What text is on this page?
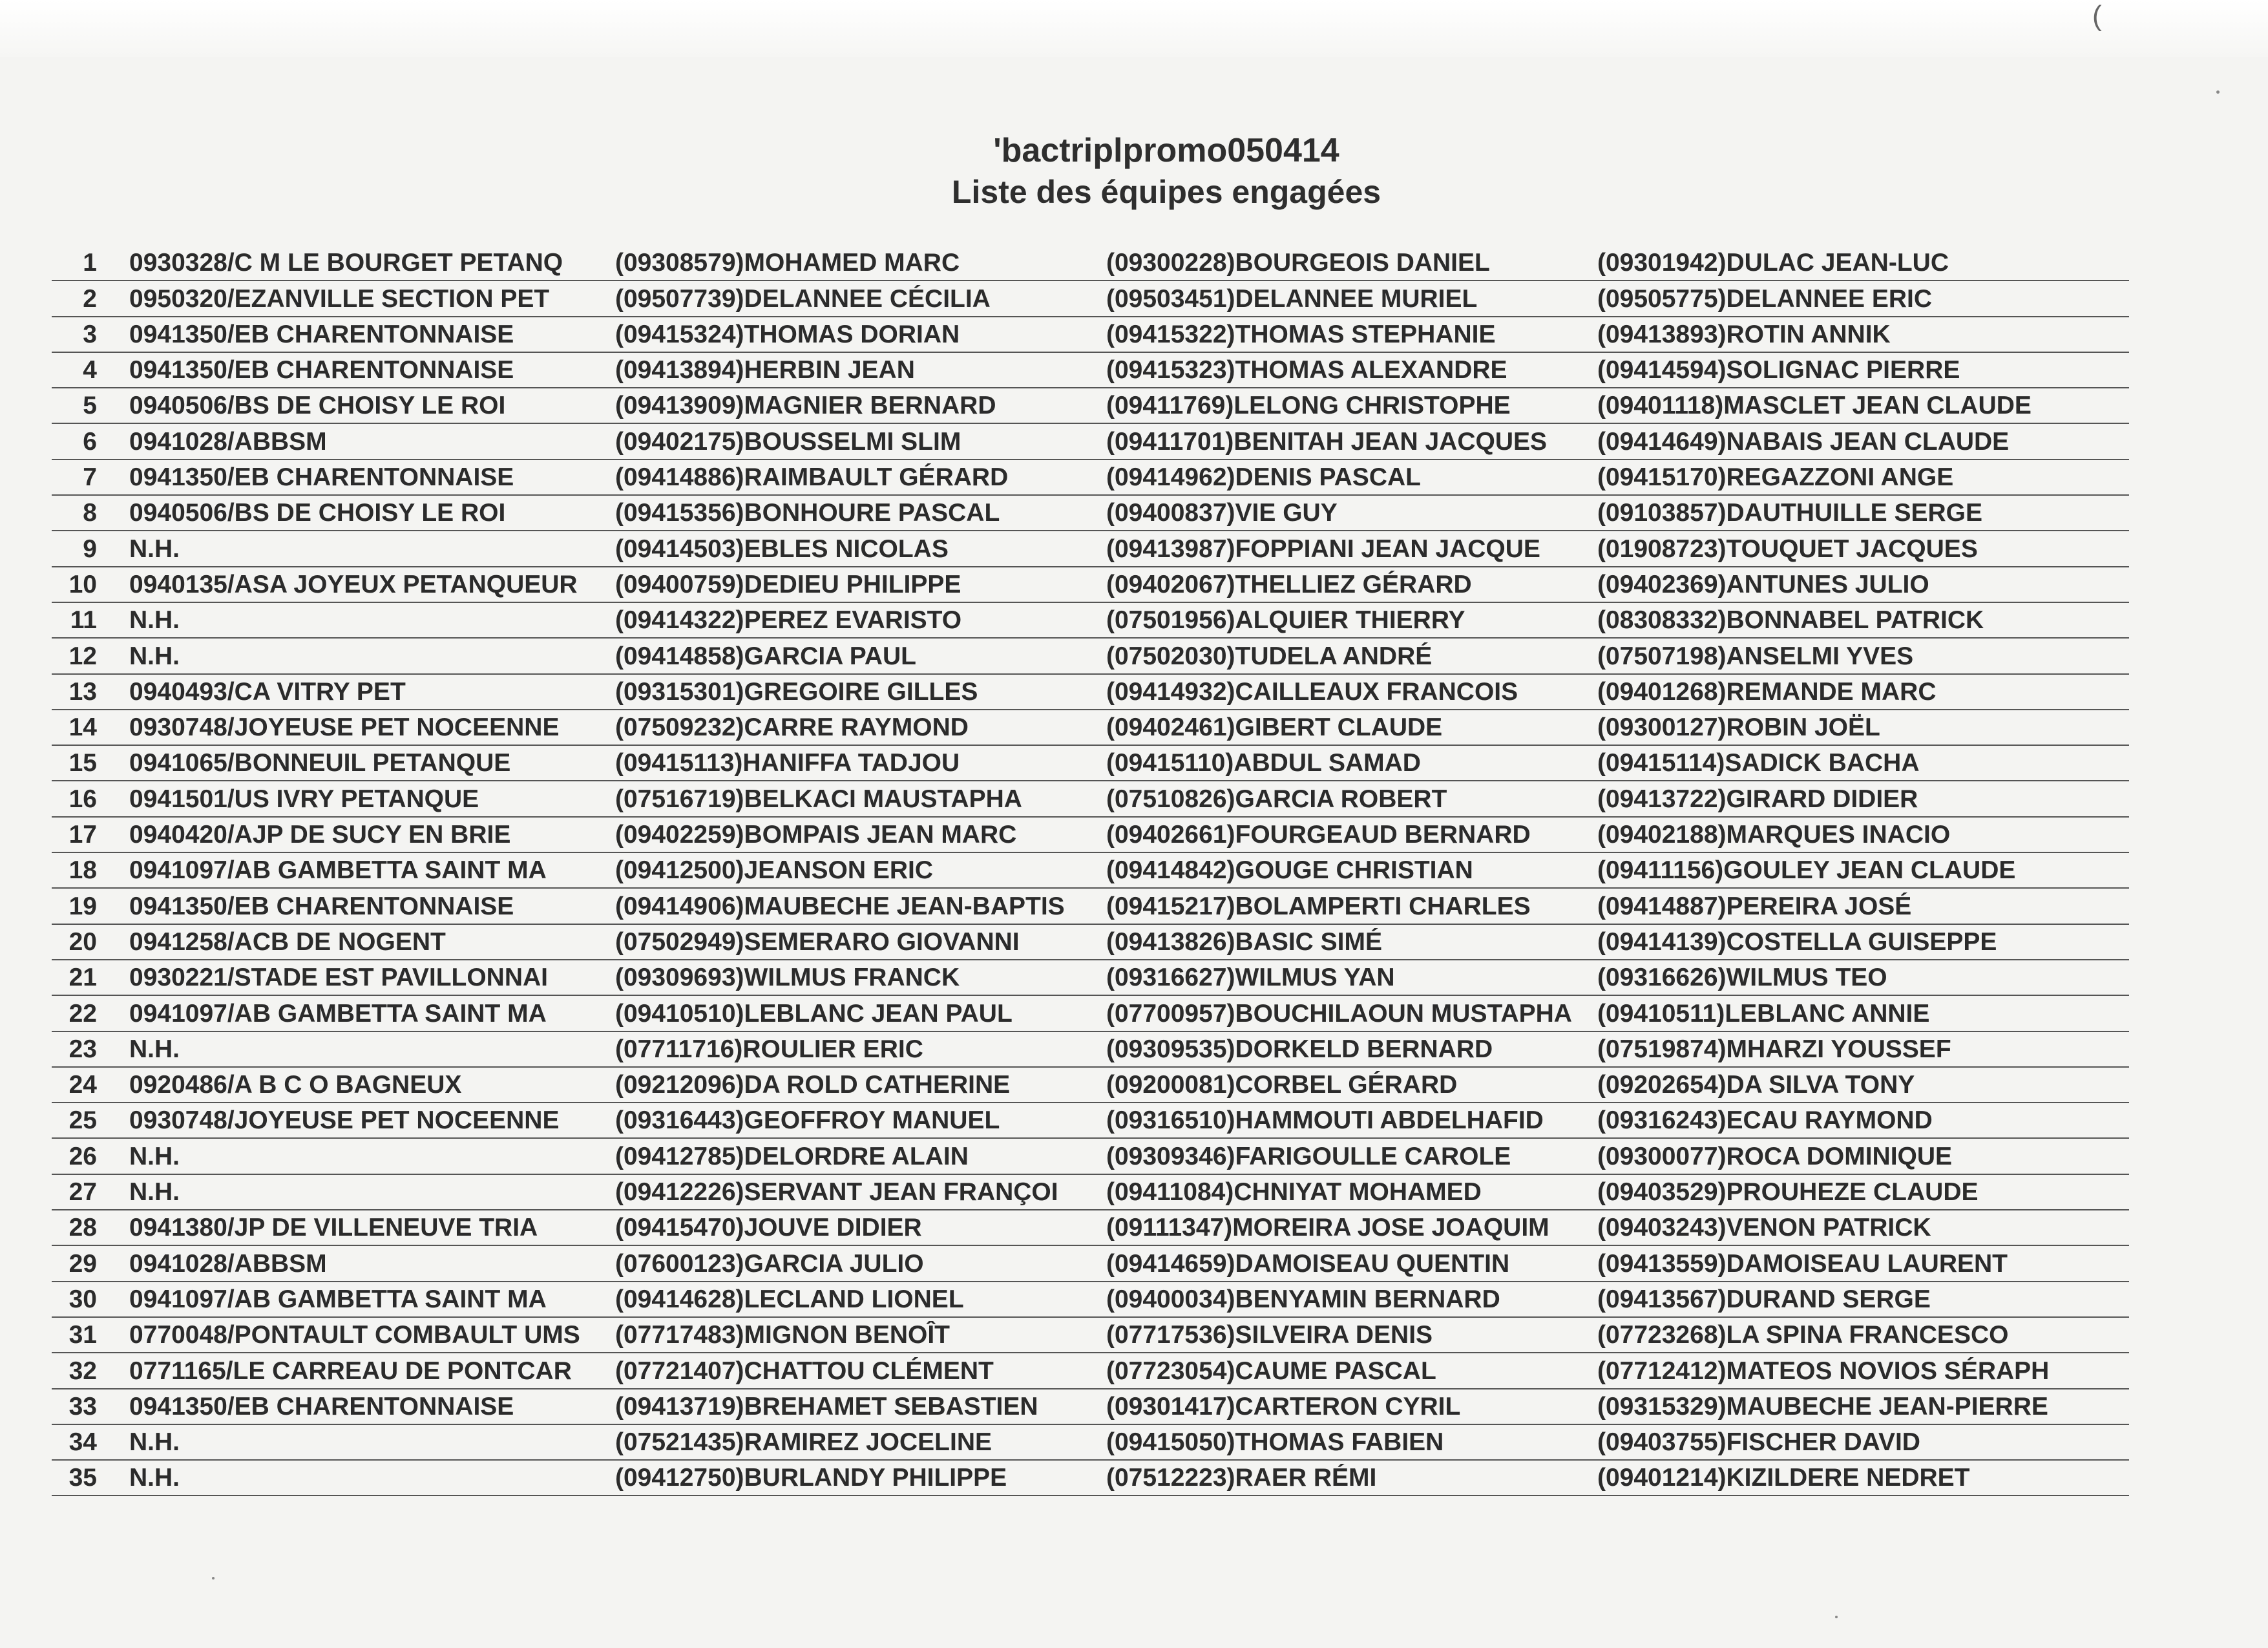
(
'bactriplpromo050414
Liste des équipes engagées
1 0930328/C M LE BOURGET PETANQ	(09308579)MOHAMED MARC	(09300228)BOURGEOIS DANIEL	(09301942)DULAC JEAN-LUC
2 0950320/EZANVILLE SECTION PET	(09507739)DELANNEE CÉCILIA	(09503451)DELANNEE MURIEL	(09505775)DELANNEE ERIC
3 0941350/EB CHARENTONNAISE	(09415324)THOMAS DORIAN	(09415322)THOMAS STEPHANIE	(09413893)ROTIN ANNIK
4 0941350/EB CHARENTONNAISE	(09413894)HERBIN JEAN	(09415323)THOMAS ALEXANDRE	(09414594)SOLIGNAC PIERRE
5 0940506/BS DE CHOISY LE ROI	(09413909)MAGNIER BERNARD	(09411769)LELONG CHRISTOPHE	(09401118)MASCLET JEAN CLAUDE
6 0941028/ABBSM	(09402175)BOUSSELMI SLIM	(09411701)BENITAH JEAN JACQUES	(09414649)NABAIS JEAN CLAUDE
7 0941350/EB CHARENTONNAISE	(09414886)RAIMBAULT GÉRARD	(09414962)DENIS PASCAL	(09415170)REGAZZONI ANGE
8 0940506/BS DE CHOISY LE ROI	(09415356)BONHOURE PASCAL	(09400837)VIE GUY	(09103857)DAUTHUILLE SERGE
9 N.H.	(09414503)EBLES NICOLAS	(09413987)FOPPIANI JEAN JACQUE	(01908723)TOUQUET JACQUES
10 0940135/ASA JOYEUX PETANQUEUR	(09400759)DEDIEU PHILIPPE	(09402067)THELLIEZ GÉRARD	(09402369)ANTUNES JULIO
11 N.H.	(09414322)PEREZ EVARISTO	(07501956)ALQUIER THIERRY	(08308332)BONNABEL PATRICK
12 N.H.	(09414858)GARCIA PAUL	(07502030)TUDELA ANDRÉ	(07507198)ANSELMI YVES
13 0940493/CA VITRY PET	(09315301)GREGOIRE GILLES	(09414932)CAILLEAUX FRANCOIS	(09401268)REMANDE MARC
14 0930748/JOYEUSE PET NOCEENNE	(07509232)CARRE RAYMOND	(09402461)GIBERT CLAUDE	(09300127)ROBIN JOËL
15 0941065/BONNEUIL PETANQUE	(09415113)HANIFFA TADJOU	(09415110)ABDUL SAMAD	(09415114)SADICK BACHA
16 0941501/US IVRY PETANQUE	(07516719)BELKACI MAUSTAPHA	(07510826)GARCIA ROBERT	(09413722)GIRARD DIDIER
17 0940420/AJP DE SUCY EN BRIE	(09402259)BOMPAIS JEAN MARC	(09402661)FOURGEAUD BERNARD	(09402188)MARQUES INACIO
18 0941097/AB GAMBETTA SAINT MA	(09412500)JEANSON ERIC	(09414842)GOUGE CHRISTIAN	(09411156)GOULEY JEAN CLAUDE
19 0941350/EB CHARENTONNAISE	(09414906)MAUBECHE JEAN-BAPTIS	(09415217)BOLAMPERTI CHARLES	(09414887)PEREIRA JOSÉ
20 0941258/ACB DE NOGENT	(07502949)SEMERARO GIOVANNI	(09413826)BASIC SIMÉ	(09414139)COSTELLA GUISEPPE
21 0930221/STADE EST PAVILLONNAI	(09309693)WILMUS FRANCK	(09316627)WILMUS YAN	(09316626)WILMUS TEO
22 0941097/AB GAMBETTA SAINT MA	(09410510)LEBLANC JEAN PAUL	(07700957)BOUCHILAOUN MUSTAPHA	(09410511)LEBLANC ANNIE
23 N.H.	(07711716)ROULIER ERIC	(09309535)DORKELD BERNARD	(07519874)MHARZI YOUSSEF
24 0920486/A B C O BAGNEUX	(09212096)DA ROLD CATHERINE	(09200081)CORBEL GÉRARD	(09202654)DA SILVA TONY
25 0930748/JOYEUSE PET NOCEENNE	(09316443)GEOFFROY MANUEL	(09316510)HAMMOUTI ABDELHAFID	(09316243)ECAU RAYMOND
26 N.H.	(09412785)DELORDRE ALAIN	(09309346)FARIGOULLE CAROLE	(09300077)ROCA DOMINIQUE
27 N.H.	(09412226)SERVANT JEAN FRANÇOI	(09411084)CHNIYAT MOHAMED	(09403529)PROUHEZE CLAUDE
28 0941380/JP DE VILLENEUVE TRIA	(09415470)JOUVE DIDIER	(09111347)MOREIRA JOSE JOAQUIM	(09403243)VENON PATRICK
29 0941028/ABBSM	(07600123)GARCIA JULIO	(09414659)DAMOISEAU QUENTIN	(09413559)DAMOISEAU LAURENT
30 0941097/AB GAMBETTA SAINT MA	(09414628)LECLAND LIONEL	(09400034)BENYAMIN BERNARD	(09413567)DURAND SERGE
31 0770048/PONTAULT COMBAULT UMS	(07717483)MIGNON BENOÎT	(07717536)SILVEIRA DENIS	(07723268)LA SPINA FRANCESCO
32 0771165/LE CARREAU DE PONTCAR	(07721407)CHATTOU CLÉMENT	(07723054)CAUME PASCAL	(07712412)MATEOS NOVIOS SÉRAPH
33 0941350/EB CHARENTONNAISE	(09413719)BREHAMET SEBASTIEN	(09301417)CARTERON CYRIL	(09315329)MAUBECHE JEAN-PIERRE
34 N.H.	(07521435)RAMIREZ JOCELINE	(09415050)THOMAS FABIEN	(09403755)FISCHER DAVID
35 N.H.	(09412750)BURLANDY PHILIPPE	(07512223)RAER RÉMI	(09401214)KIZILDERE NEDRET
